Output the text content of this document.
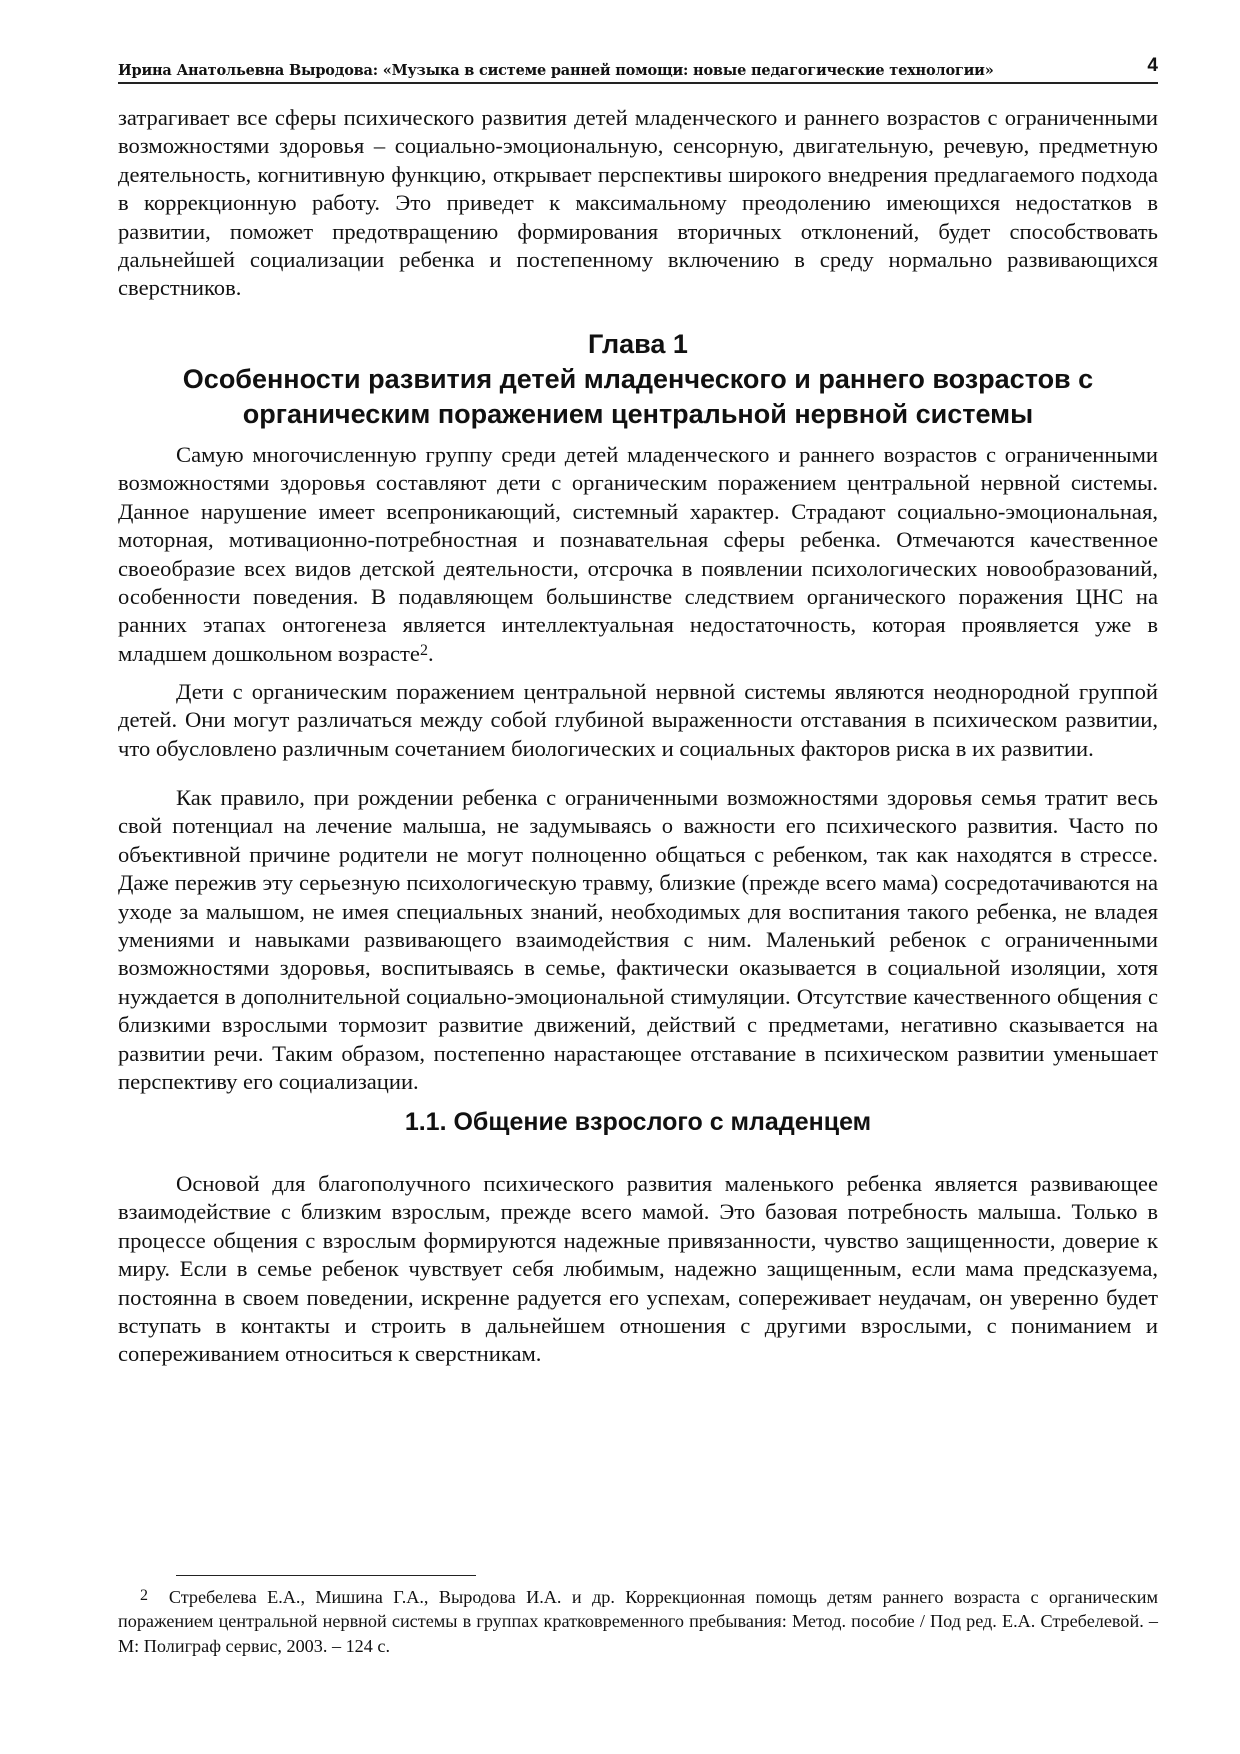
Ирина Анатольевна Выродова: «Музыка в системе ранней помощи: новые педагогические технологии»	4

затрагивает все сферы психического развития детей младенческого и раннего возрастов с ограниченными возможностями здоровья – социально-эмоциональную, сенсорную, двигательную, речевую, предметную деятельность, когнитивную функцию, открывает перспективы широкого внедрения предлагаемого подхода в коррекционную работу. Это приведет к максимальному преодолению имеющихся недостатков в развитии, поможет предотвращению формирования вторичных отклонений, будет способствовать дальнейшей социализации ребенка и постепенному включению в среду нормально развивающихся сверстников.

Глава 1
Особенности развития детей младенческого и раннего возрастов с
органическим поражением центральной нервной системы

Самую многочисленную группу среди детей младенческого и раннего возрастов с ограниченными возможностями здоровья составляют дети с органическим поражением центральной нервной системы. Данное нарушение имеет всепроникающий, системный характер. Страдают социально-эмоциональная, моторная, мотивационно-потребностная и познавательная сферы ребенка. Отмечаются качественное своеобразие всех видов детской деятельности, отсрочка в появлении психологических новообразований, особенности поведения. В подавляющем большинстве следствием органического поражения ЦНС на ранних этапах онтогенеза является интеллектуальная недостаточность, которая проявляется уже в младшем дошкольном возрасте$^2$.

Дети с органическим поражением центральной нервной системы являются неоднородной группой детей. Они могут различаться между собой глубиной выраженности отставания в психическом развитии, что обусловлено различным сочетанием биологических и социальных факторов риска в их развитии.

Как правило, при рождении ребенка с ограниченными возможностями здоровья семья тратит весь свой потенциал на лечение малыша, не задумываясь о важности его психического развития. Часто по объективной причине родители не могут полноценно общаться с ребенком, так как находятся в стрессе. Даже пережив эту серьезную психологическую травму, близкие (прежде всего мама) сосредотачиваются на уходе за малышом, не имея специальных знаний, необходимых для воспитания такого ребенка, не владея умениями и навыками развивающего взаимодействия с ним. Маленький ребенок с ограниченными возможностями здоровья, воспитываясь в семье, фактически оказывается в социальной изоляции, хотя нуждается в дополнительной социально-эмоциональной стимуляции. Отсутствие качественного общения с близкими взрослыми тормозит развитие движений, действий с предметами, негативно сказывается на развитии речи. Таким образом, постепенно нарастающее отставание в психическом развитии уменьшает перспективу его социализации.

1.1. Общение взрослого с младенцем

Основой для благополучного психического развития маленького ребенка является развивающее взаимодействие с близким взрослым, прежде всего мамой. Это базовая потребность малыша. Только в процессе общения с взрослым формируются надежные привязанности, чувство защищенности, доверие к миру. Если в семье ребенок чувствует себя любимым, надежно защищенным, если мама предсказуема, постоянна в своем поведении, искренне радуется его успехам, сопереживает неудачам, он уверенно будет вступать в контакты и строить в дальнейшем отношения с другими взрослыми, с пониманием и сопереживанием относиться к сверстникам.

2 Стребелева Е.А., Мишина Г.А., Выродова И.А. и др. Коррекционная помощь детям раннего возраста с органическим поражением центральной нервной системы в группах кратковременного пребывания: Метод. пособие / Под ред. Е.А. Стребелевой. – М: Полиграф сервис, 2003. – 124 с.
